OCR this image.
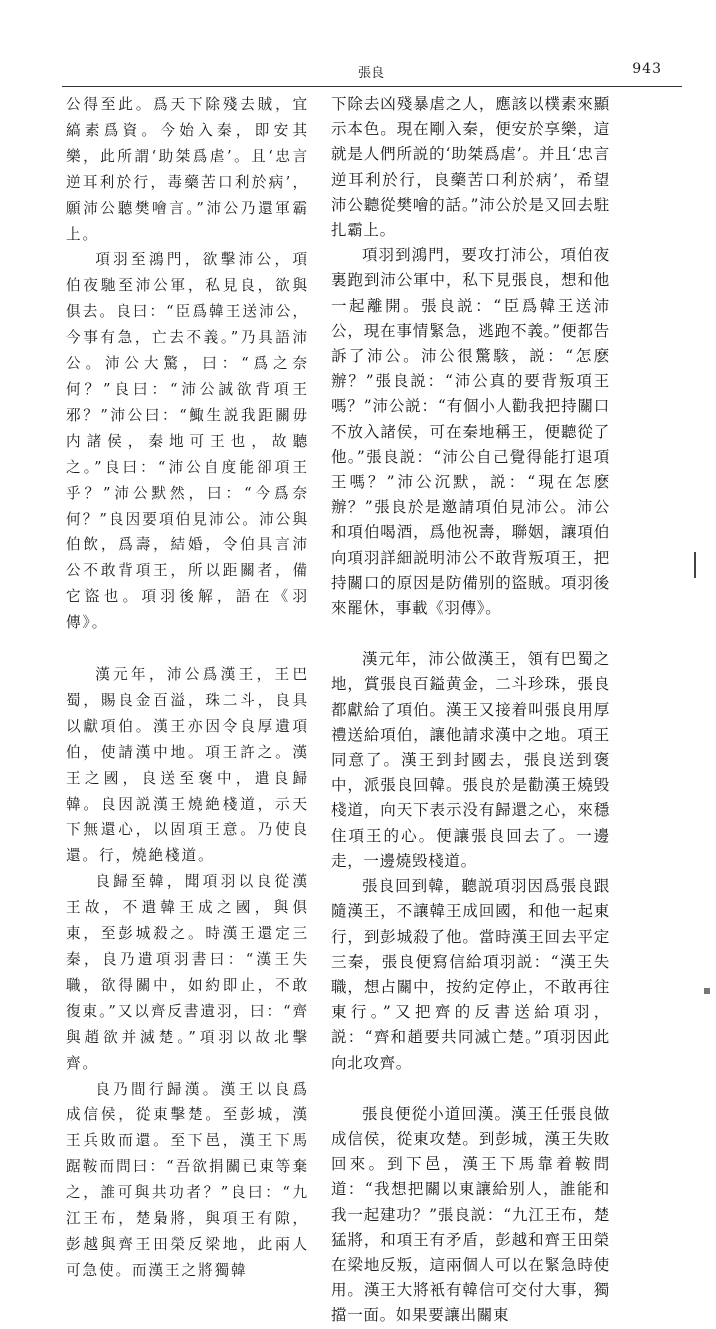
張良	943

公得至此。爲天下除殘去賊，宜縞素爲資。今始入秦，即安其樂，此所謂‘助桀爲虐’。且‘忠言逆耳利於行，毒藥苦口利於病’，願沛公聽樊噲言。”沛公乃還軍霸上。

項羽至鴻門，欲擊沛公，項伯夜馳至沛公軍，私見良，欲與俱去。良曰：“臣爲韓王送沛公，今事有急，亡去不義。”乃具語沛公。沛公大驚，曰：“爲之奈何？”良曰：“沛公誠欲背項王邪？”沛公曰：“鯫生説我距關毋内諸侯，秦地可王也，故聽之。”良曰：“沛公自度能卻項王乎？”沛公默然，曰：“今爲奈何？”良因要項伯見沛公。沛公與伯飲，爲壽，結婚，令伯具言沛公不敢背項王，所以距關者，備它盜也。項羽後解，語在《羽傳》。

漢元年，沛公爲漢王，王巴蜀，賜良金百溢，珠二斗，良具以獻項伯。漢王亦因令良厚遺項伯，使請漢中地。項王許之。漢王之國，良送至褒中，遣良歸韓。良因説漢王燒絶棧道，示天下無還心，以固項王意。乃使良還。行，燒絶棧道。

良歸至韓，聞項羽以良從漢王故，不遣韓王成之國，與俱東，至彭城殺之。時漢王還定三秦，良乃遺項羽書曰：“漢王失職，欲得關中，如約即止，不敢復東。”又以齊反書遺羽，曰：“齊與趙欲并滅楚。”項羽以故北擊齊。

良乃間行歸漢。漢王以良爲成信侯，從東擊楚。至彭城，漢王兵敗而還。至下邑，漢王下馬踞鞍而問曰：“吾欲捐關已東等棄之，誰可與共功者？”良曰：“九江王布，楚梟將，與項王有隙，彭越與齊王田榮反梁地，此兩人可急使。而漢王之將獨韓

下除去凶殘暴虐之人，應該以樸素來顯示本色。現在剛入秦，便安於享樂，這就是人們所説的‘助桀爲虐’。并且‘忠言逆耳利於行，良藥苦口利於病’，希望沛公聽從樊噲的話。”沛公於是又回去駐扎霸上。

項羽到鴻門，要攻打沛公，項伯夜裏跑到沛公軍中，私下見張良，想和他一起離開。張良説：“臣爲韓王送沛公，現在事情緊急，逃跑不義。”便都告訴了沛公。沛公很驚駭，説：“怎麽辦？”張良説：“沛公真的要背叛項王嗎？”沛公説：“有個小人勸我把持關口不放入諸侯，可在秦地稱王，便聽從了他。”張良説：“沛公自己覺得能打退項王嗎？”沛公沉默，説：“現在怎麽辦？”張良於是邀請項伯見沛公。沛公和項伯喝酒，爲他祝壽，聯姻，讓項伯向項羽詳細説明沛公不敢背叛項王，把持關口的原因是防備别的盜賊。項羽後來罷休，事載《羽傳》。

漢元年，沛公做漢王，領有巴蜀之地，賞張良百鎰黄金，二斗珍珠，張良都獻給了項伯。漢王又接着叫張良用厚禮送給項伯，讓他請求漢中之地。項王同意了。漢王到封國去，張良送到褒中，派張良回韓。張良於是勸漢王燒毁棧道，向天下表示没有歸還之心，來穩住項王的心。便讓張良回去了。一邊走，一邊燒毁棧道。

張良回到韓，聽説項羽因爲張良跟隨漢王，不讓韓王成回國，和他一起東行，到彭城殺了他。當時漢王回去平定三秦，張良便寫信給項羽説：“漢王失職，想占關中，按約定停止，不敢再往東行。”又把齊的反書送給項羽，説：“齊和趙要共同滅亡楚。”項羽因此向北攻齊。

張良便從小道回漢。漢王任張良做成信侯，從東攻楚。到彭城，漢王失敗回來。到下邑，漢王下馬靠着鞍問道：“我想把關以東讓給别人，誰能和我一起建功？”張良説：“九江王布，楚猛將，和項王有矛盾，彭越和齊王田榮在梁地反叛，這兩個人可以在緊急時使用。漢王大將衹有韓信可交付大事，獨擋一面。如果要讓出關東
